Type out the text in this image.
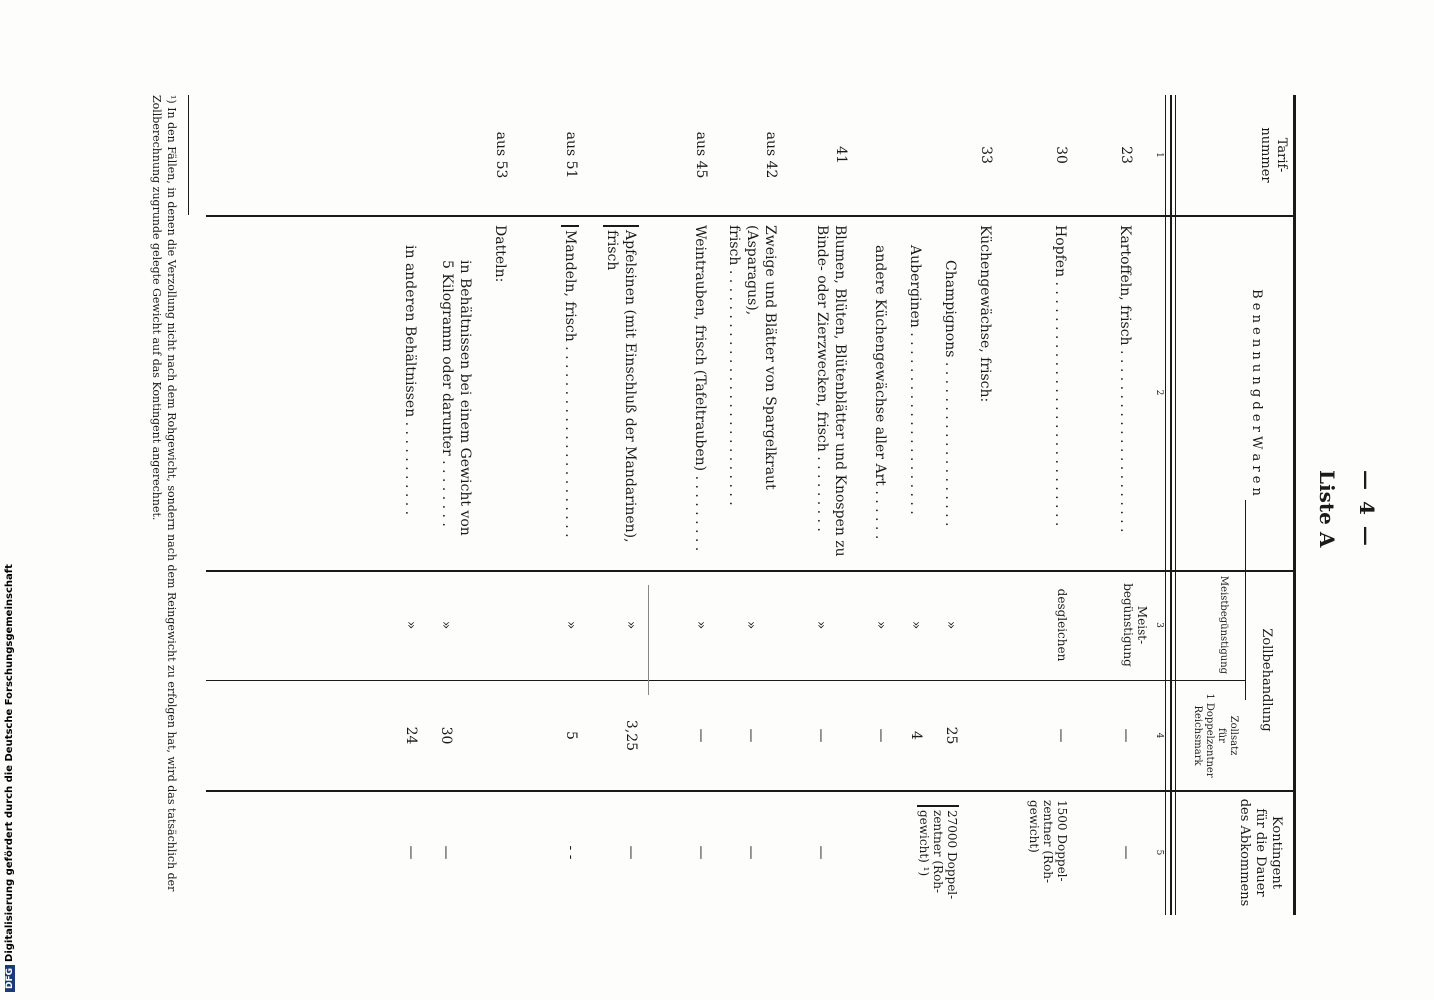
— 4 —
Liste A
Tarif-
nummer
B e n e n n u n g d e r W a r e n
Zollbehandlung
Meistbegünstigung
Zollsatz
für
1 Doppelzentner
Reichsmark
Kontingent
für die Dauer
des Abkommens
1
2
3
4
5
23
Kartoffeln, frisch . . . . . . . . . . . . . . . . . . . . .
Meist-
begünstigung
—
—
30
Hopfen . . . . . . . . . . . . . . . . . . . . . . . . . . . .
desgleichen
—
1500 Doppel-
zentner (Roh-
gewicht)
33
Küchengewächse, frisch:
Champignons . . . . . . . . . . . . . . . . . . .
»
25
Auberginen . . . . . . . . . . . . . . . . . . . . .
»
4
27000 Doppel-
zentner (Roh-
gewicht) ¹)
andere Küchengewächse aller Art . . . . . .
»
—
41
Blumen, Blüten, Blütenblätter und Knospen zu
Binde- oder Zierzwecken, frisch . . . . . . . . .
»
—
—
aus 42
Zweige und Blätter von Spargelkraut (Asparagus),
frisch . . . . . . . . . . . . . . . . . . . . . . . . . . .
»
—
—
aus 45
Weintrauben, frisch (Tafeltrauben) . . . . . . . . .
»
—
—
Apfelsinen (mit Einschluß der Mandarinen), frisch
»
3,25
—
aus 51
Mandeln, frisch . . . . . . . . . . . . . . . . . . . . . .
»
5
- -
aus 53
Datteln:
in Behältnissen bei einem Gewicht von
5 Kilogramm oder darunter . . . . . . . .
»
30
—
in anderen Behältnissen . . . . . . . . . . .
»
24
—
¹) In den Fällen, in denen die Verzollung nicht nach dem Rohgewicht, sondern nach dem Reingewicht zu erfolgen hat, wird das tatsächlich der Zollberechnung zugrunde gelegte Gewicht auf das Kontingent angerechnet.
DFGDigitalisierung gefördert durch die Deutsche Forschungsgemeinschaft
